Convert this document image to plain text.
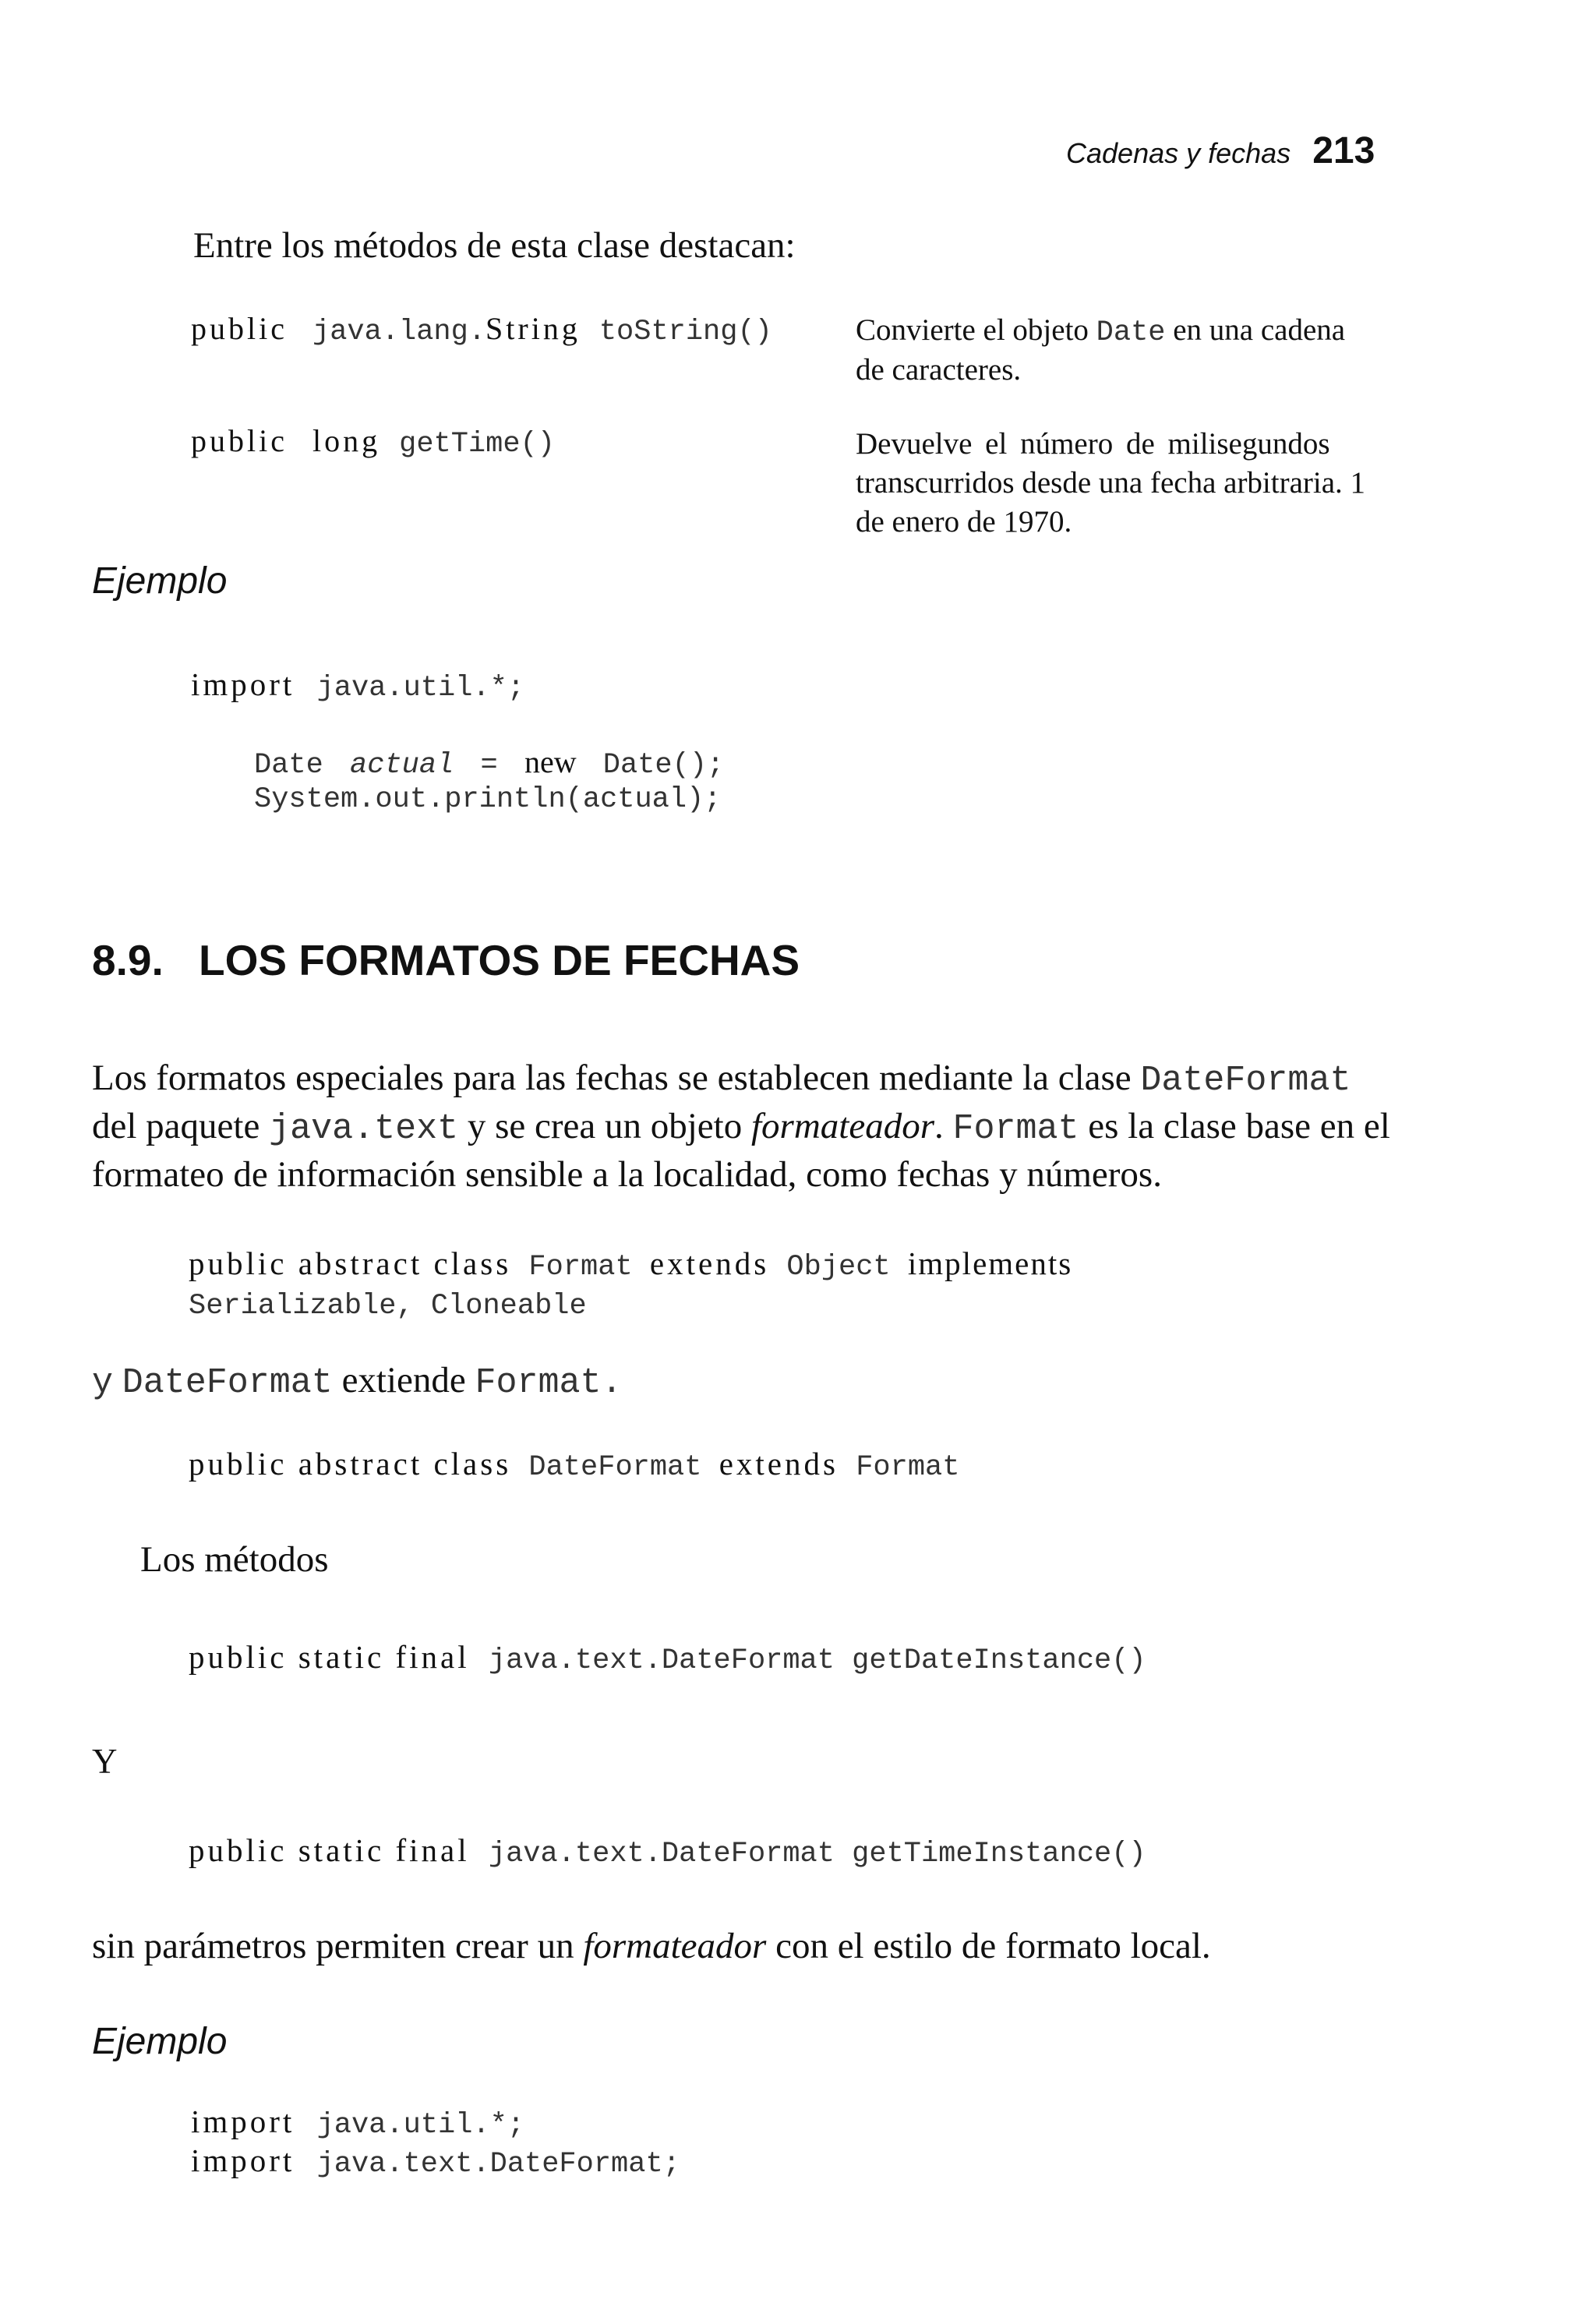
Cadenas y fechas 213
Entre los métodos de esta clase destacan:
public java.lang.String toString()	Convierte el objeto Date en una cadena
de caracteres.
public long getTime()	Devuelve el número de milisegundos
transcurridos desde una fecha arbitraria. 1
de enero de 1970.
Ejemplo
import java.util.*;
Date actual = new Date();
System.out.println(actual);
8.9. LOS FORMATOS DE FECHAS
Los formatos especiales para las fechas se establecen mediante la clase DateFormat del paquete java.text y se crea un objeto formateador. Format es la clase base en el formateo de información sensible a la localidad, como fechas y números.
public abstract class Format extends Object implements
Serializable, Cloneable
y DateFormat extiende Format.
public abstract class DateFormat extends Format
Los métodos
public static final java.text.DateFormat getDateInstance()
Y
public static final java.text.DateFormat getTimeInstance()
sin parámetros permiten crear un formateador con el estilo de formato local.
Ejemplo
import java.util.*;
import java.text.DateFormat;
